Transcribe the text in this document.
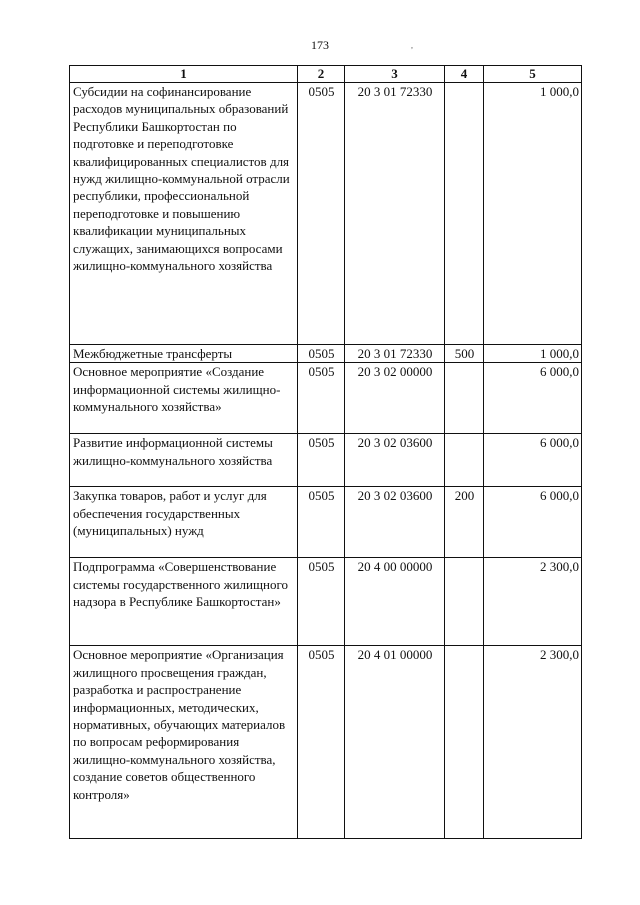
173	,
1	2	3	4	5
Субсидии на софинансирование расходов муниципальных образований Республики Башкортостан по подготовке и переподготовке квалифицированных специалистов для нужд жилищно-коммунальной отрасли республики, профессиональной переподготовке и повышению квалификации муниципальных служащих, занимающихся вопросами жилищно-коммунального хозяйства	0505	20 3 01 72330		1 000,0
Межбюджетные трансферты	0505	20 3 01 72330	500	1 000,0
Основное мероприятие «Создание информационной системы жилищно-коммунального хозяйства»	0505	20 3 02 00000		6 000,0
Развитие информационной системы жилищно-коммунального хозяйства	0505	20 3 02 03600		6 000,0
Закупка товаров, работ и услуг для обеспечения государственных (муниципальных) нужд	0505	20 3 02 03600	200	6 000,0
Подпрограмма «Совершенствование системы государственного жилищного надзора в Республике Башкортостан»	0505	20 4 00 00000		2 300,0
Основное мероприятие «Организация жилищного просвещения граждан, разработка и распространение информационных, методических, нормативных, обучающих материалов по вопросам реформирования жилищно-коммунального хозяйства, создание советов общественного контроля»	0505	20 4 01 00000		2 300,0
